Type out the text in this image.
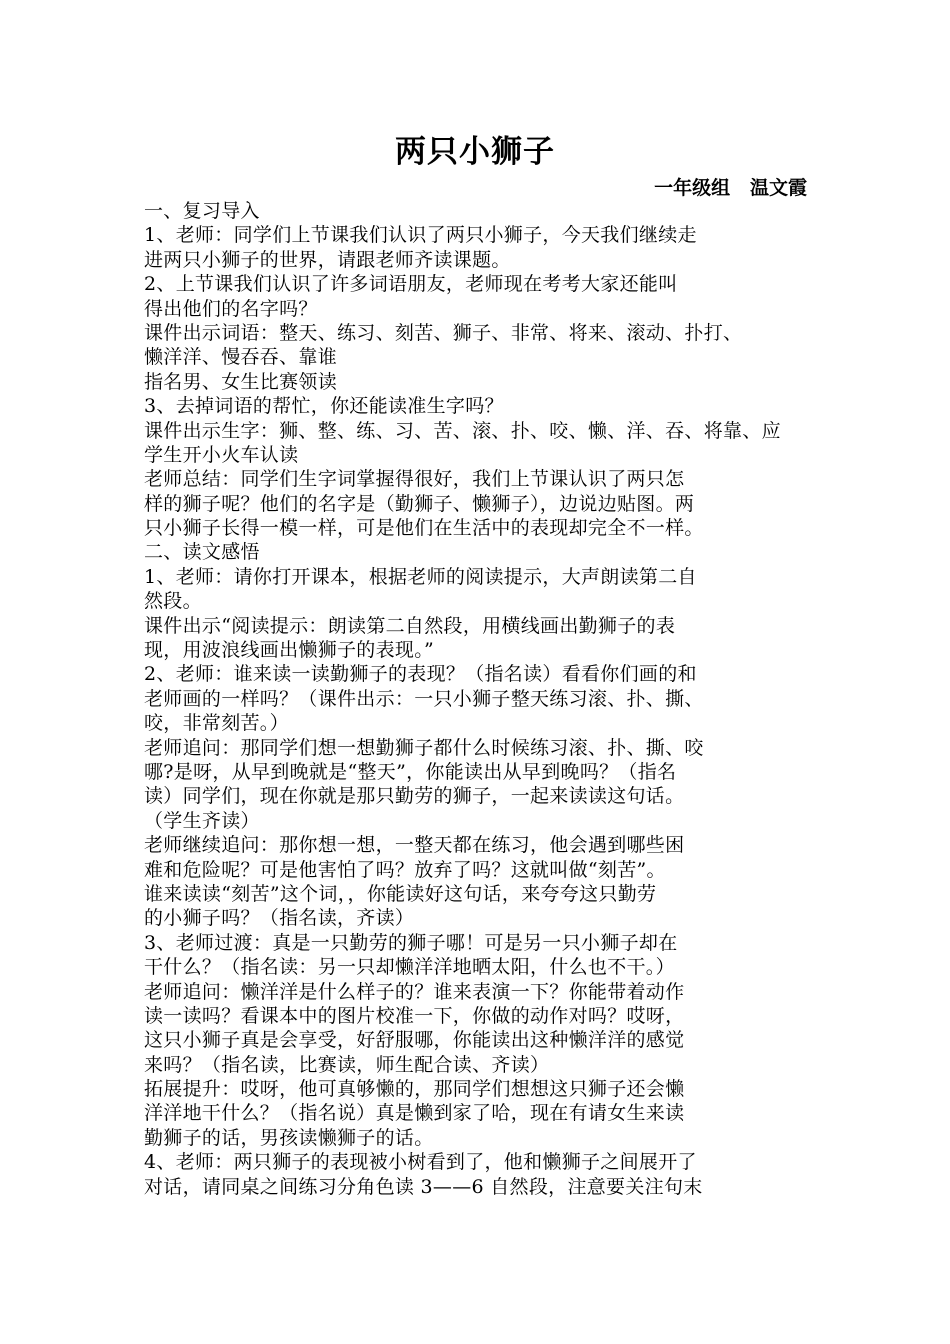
两只小狮子
一年级组   温文霞
一、复习导入
1、老师：同学们上节课我们认识了两只小狮子，今天我们继续走
进两只小狮子的世界，请跟老师齐读课题。
2、上节课我们认识了许多词语朋友，老师现在考考大家还能叫
得出他们的名字吗？
课件出示词语：整天、练习、刻苦、狮子、非常、将来、滚动、扑打、
懒洋洋、慢吞吞、靠谁
指名男、女生比赛领读
3、去掉词语的帮忙，你还能读准生字吗？
课件出示生字：狮、整、练、习、苦、滚、扑、咬、懒、洋、吞、将靠、应
学生开小火车认读
老师总结：同学们生字词掌握得很好，我们上节课认识了两只怎
样的狮子呢？他们的名字是（勤狮子、懒狮子），边说边贴图。两
只小狮子长得一模一样，可是他们在生活中的表现却完全不一样。
二、读文感悟
1、老师：请你打开课本，根据老师的阅读提示，大声朗读第二自
然段。
课件出示“阅读提示：朗读第二自然段，用横线画出勤狮子的表
现，用波浪线画出懒狮子的表现。”
2、老师：谁来读一读勤狮子的表现？（指名读）看看你们画的和
老师画的一样吗？（课件出示：一只小狮子整天练习滚、扑、撕、
咬，非常刻苦。）
老师追问：那同学们想一想勤狮子都什么时候练习滚、扑、撕、咬
哪?是呀，从早到晚就是“整天”，你能读出从早到晚吗？（指名
读）同学们，现在你就是那只勤劳的狮子，一起来读读这句话。
（学生齐读）
老师继续追问：那你想一想，一整天都在练习，他会遇到哪些困
难和危险呢？可是他害怕了吗？放弃了吗？这就叫做“刻苦”。
谁来读读“刻苦”这个词，，你能读好这句话，来夸夸这只勤劳
的小狮子吗？（指名读，齐读）
3、老师过渡：真是一只勤劳的狮子哪！可是另一只小狮子却在
干什么？（指名读：另一只却懒洋洋地晒太阳，什么也不干。）
老师追问：懒洋洋是什么样子的？谁来表演一下？你能带着动作
读一读吗？看课本中的图片校准一下，你做的动作对吗？哎呀，
这只小狮子真是会享受，好舒服哪，你能读出这种懒洋洋的感觉
来吗？（指名读，比赛读，师生配合读、齐读）
拓展提升：哎呀，他可真够懒的，那同学们想想这只狮子还会懒
洋洋地干什么？（指名说）真是懒到家了哈，现在有请女生来读
勤狮子的话，男孩读懒狮子的话。
4、老师：两只狮子的表现被小树看到了，他和懒狮子之间展开了
对话，请同桌之间练习分角色读 3——6 自然段，注意要关注句末
